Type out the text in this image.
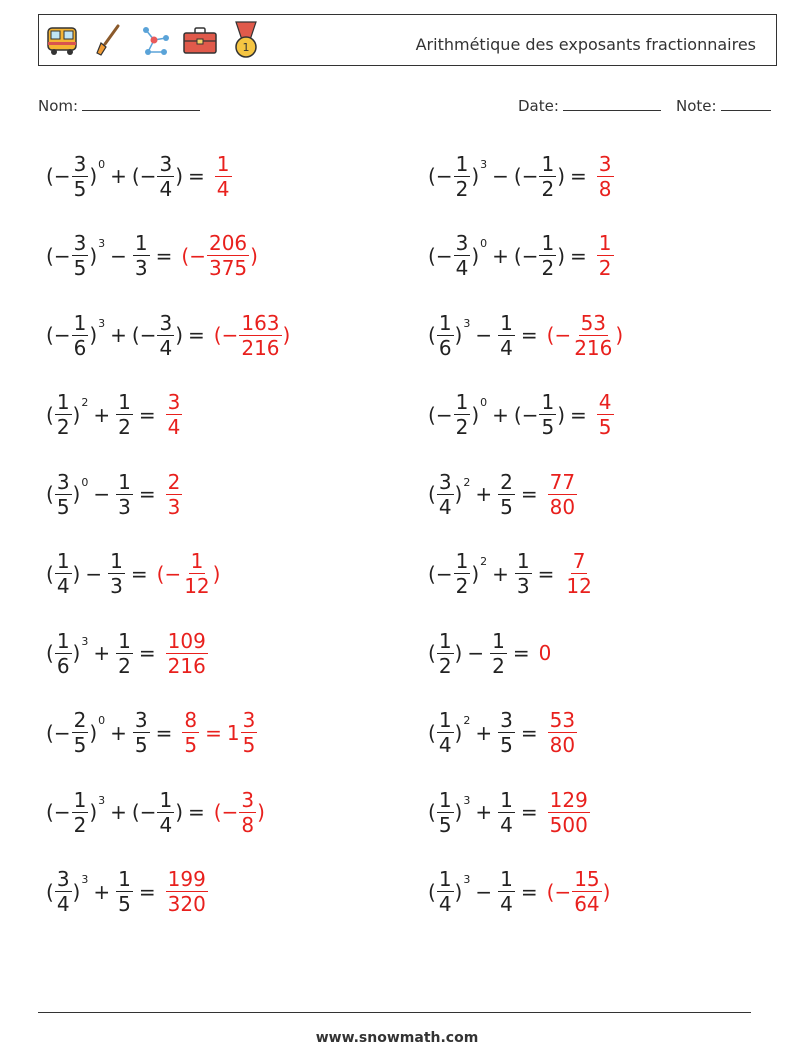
1	Arithmétique des exposants fractionnaires
Nom:	Date:	Note:
( − $\frac{3}{5}$ ) 0 + ( − $\frac{3}{4}$ ) = $\frac{1}{4}$	( − $\frac{1}{2}$ ) 3 − ( − $\frac{1}{2}$ ) = $\frac{3}{8}$
( − $\frac{3}{5}$ ) $3 - \frac{1}{3}$ = ( − $\frac{206}{375}$ )	( − $\frac{3}{4}$ ) 0 + ( − $\frac{1}{2}$ ) = $\frac{1}{2}$
( − $\frac{1}{6}$ ) 3 + ( − $\frac{3}{4}$ ) = ( − $\frac{163}{216}$ )	( $\frac{1}{6}$ ) $3 - \frac{1}{4}$ = ( − $\frac{53}{216}$ )
( $\frac{1}{2}$ ) $2 + \frac{1}{2} = \frac{3}{4}$	( − $\frac{1}{2}$ ) 0 + ( − $\frac{1}{5}$ ) = $\frac{4}{5}$
( $\frac{3}{5}$ ) $0 - \frac{1}{3} = \frac{2}{3}$	( $\frac{3}{4}$ ) $2 + \frac{2}{5} = \frac{77}{80}$
( $\frac{1}{4}$ ) − $\frac{1}{3}$ = ( − $\frac{1}{12}$ )	( − $\frac{1}{2}$ ) $2 + \frac{1}{3} = \frac{7}{12}$
( $\frac{1}{6}$ ) $3 + \frac{1}{2} = \frac{109}{216}$	( $\frac{1}{2}$ ) − $\frac{1}{2} = 0$
( − $\frac{2}{5}$ ) $0 + \frac{3}{5} = \frac{8}{5} = 1 \frac{3}{5}$	( $\frac{1}{4}$ ) $2 + \frac{3}{5} = \frac{53}{80}$
( − $\frac{1}{2}$ ) 3 + ( − $\frac{1}{4}$ ) = ( − $\frac{3}{8}$ )	( $\frac{1}{5}$ ) $3 + \frac{1}{4} = \frac{129}{500}$
( $\frac{3}{4}$ ) $3 + \frac{1}{5} = \frac{199}{320}$	( $\frac{1}{4}$ ) $3 - \frac{1}{4}$ = ( − $\frac{15}{64}$ )
www.snowmath.com
